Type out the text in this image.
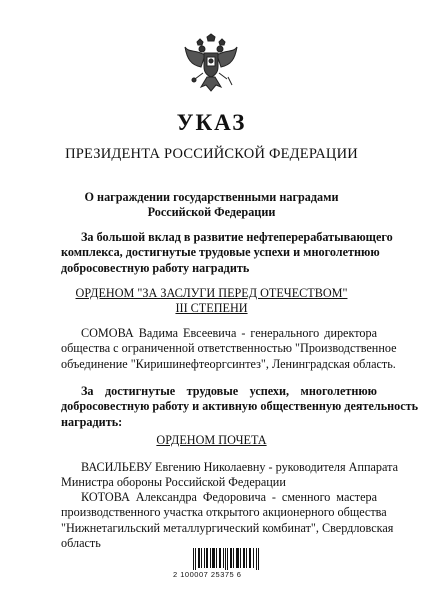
УКАЗ
ПРЕЗИДЕНТА РОССИЙСКОЙ ФЕДЕРАЦИИ
О награждении государственными наградами
Российской Федерации
За большой вклад в развитие нефтеперерабатывающего
комплекса, достигнутые трудовые успехи и многолетнюю
добросовестную работу наградить
ОРДЕНОМ "ЗА ЗАСЛУГИ ПЕРЕД ОТЕЧЕСТВОМ"
III СТЕПЕНИ
СОМОВА Вадима Евсеевича - генерального директора
общества с ограниченной ответственностью "Производственное
объединение "Киришинефтеоргсинтез", Ленинградская область.
За достигнутые трудовые успехи, многолетнюю
добросовестную работу и активную общественную деятельность
наградить:
ОРДЕНОМ ПОЧЕТА
ВАСИЛЬЕВУ Евгению Николаевну - руководителя Аппарата
Министра обороны Российской Федерации
КОТОВА Александра Федоровича - сменного мастера
производственного участка открытого акционерного общества
"Нижнетагильский металлургический комбинат", Свердловская
область
2 100007 25375 6
